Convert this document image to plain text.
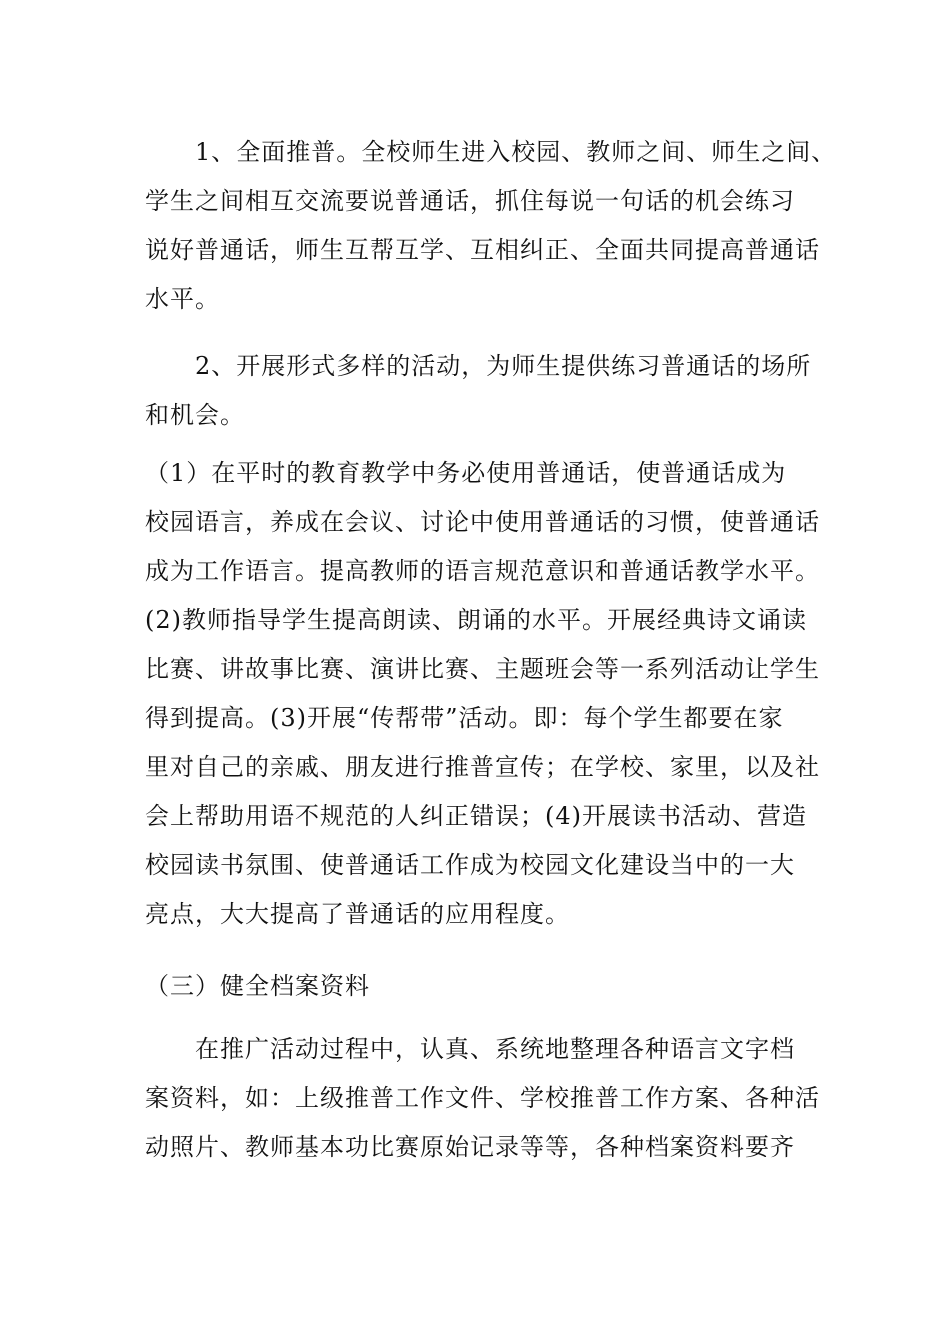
　　1、全面推普。全校师生进入校园、教师之间、师生之间、
学生之间相互交流要说普通话，抓住每说一句话的机会练习
说好普通话，师生互帮互学、互相纠正、全面共同提高普通话
水平。
　　2、开展形式多样的活动，为师生提供练习普通话的场所
和机会。
（1）在平时的教育教学中务必使用普通话，使普通话成为
校园语言，养成在会议、讨论中使用普通话的习惯，使普通话
成为工作语言。提高教师的语言规范意识和普通话教学水平。
(2)教师指导学生提高朗读、朗诵的水平。开展经典诗文诵读
比赛、讲故事比赛、演讲比赛、主题班会等一系列活动让学生
得到提高。(3)开展“传帮带”活动。即：每个学生都要在家
里对自己的亲戚、朋友进行推普宣传；在学校、家里，以及社
会上帮助用语不规范的人纠正错误；(4)开展读书活动、营造
校园读书氛围、使普通话工作成为校园文化建设当中的一大
亮点，大大提高了普通话的应用程度。
（三）健全档案资料
　　在推广活动过程中，认真、系统地整理各种语言文字档
案资料，如：上级推普工作文件、学校推普工作方案、各种活
动照片、教师基本功比赛原始记录等等，各种档案资料要齐
